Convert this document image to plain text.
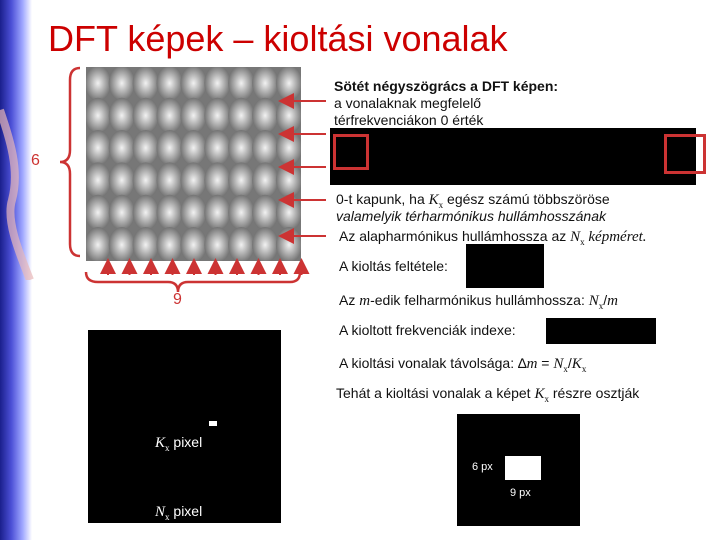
DFT képek – kioltási vonalak
6
9
Sötét négyszögrács a DFT képen:
a vonalaknak megfelelő
térfrekvenciákon 0 érték
0-t kapunk, ha $K_x$ egész számú többszöröse
valamelyik térharmónikus hullámhosszának
Az alapharmónikus hullámhossza az $N_x$ képméret.
A kioltás feltétele:
Az m-edik felharmónikus hullámhossza: $N_x/m$
A kioltott frekvenciák indexe:
A kioltási vonalak távolsága: $\Delta m = N_x/K_x$
Tehát a kioltási vonalak a képet $K_x$ részre osztják
$K_x$ pixel
$N_x$ pixel
6 px
9 px
